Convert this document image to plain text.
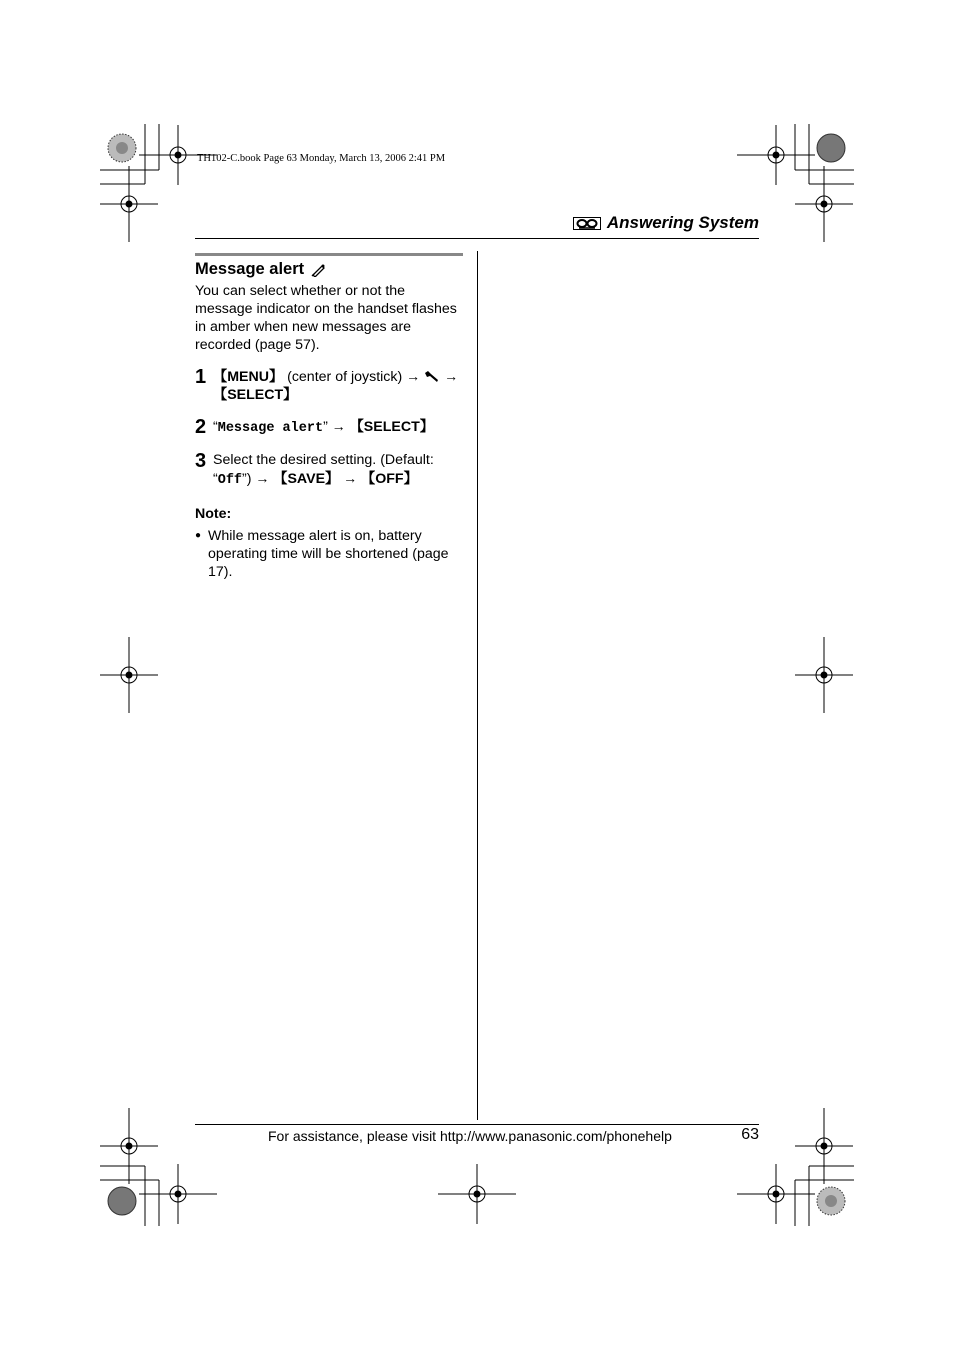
TH102-C.book Page 63 Monday, March 13, 2006 2:41 PM
Answering System
Message alert

You can select whether or not the message indicator on the handset flashes in amber when new messages are recorded (page 57).

1 【MENU】 (center of joystick) → →
【SELECT】
2 “Message alert” → 【SELECT】
3 Select the desired setting. (Default:
“Off”) → 【SAVE】 → 【OFF】
Note:
● While message alert is on, battery operating time will be shortened (page 17).
For assistance, please visit http://www.panasonic.com/phonehelp	63
